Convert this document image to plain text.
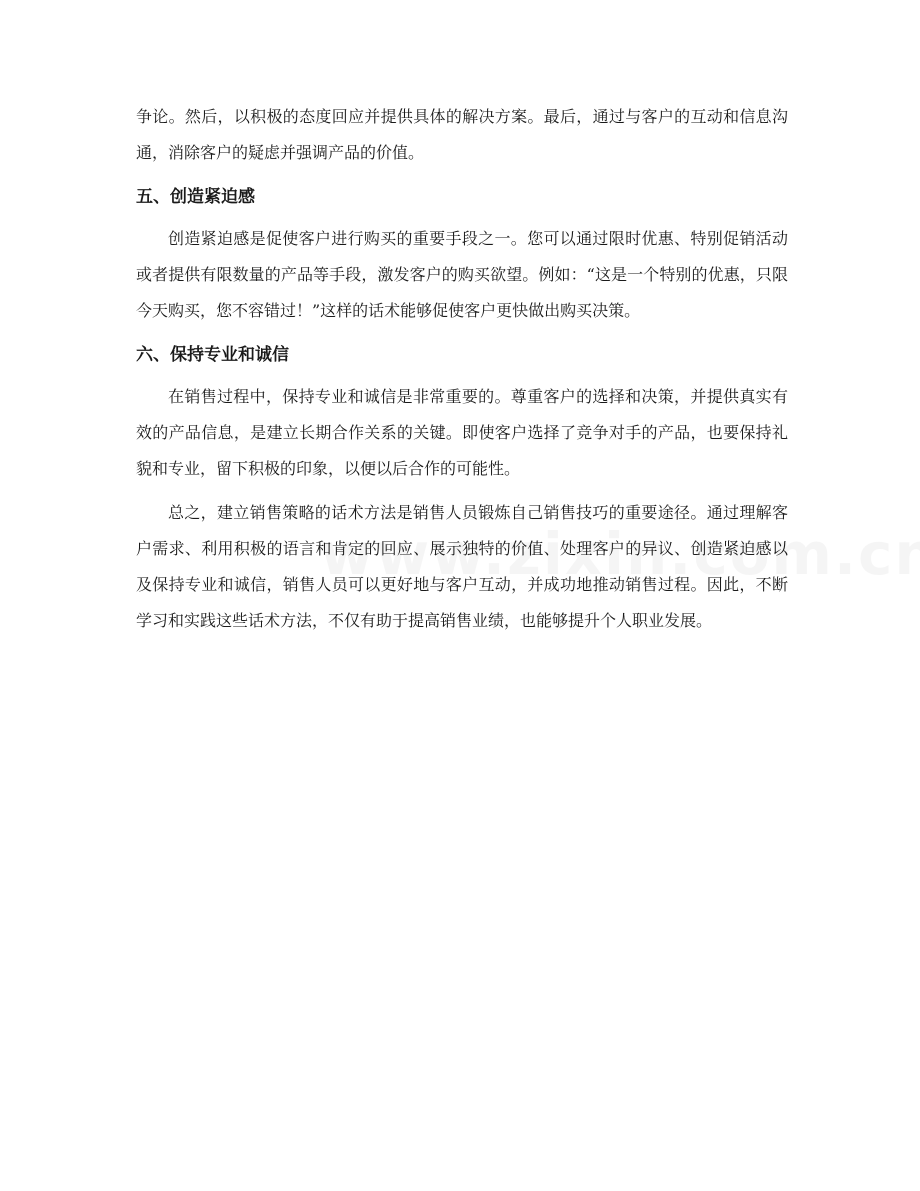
争论。然后，以积极的态度回应并提供具体的解决方案。最后，通过与客户的互动和信息沟通，消除客户的疑虑并强调产品的价值。

五、创造紧迫感

创造紧迫感是促使客户进行购买的重要手段之一。您可以通过限时优惠、特别促销活动或者提供有限数量的产品等手段，激发客户的购买欲望。例如：“这是一个特别的优惠，只限今天购买，您不容错过！”这样的话术能够促使客户更快做出购买决策。

六、保持专业和诚信

在销售过程中，保持专业和诚信是非常重要的。尊重客户的选择和决策，并提供真实有效的产品信息，是建立长期合作关系的关键。即使客户选择了竞争对手的产品，也要保持礼貌和专业，留下积极的印象，以便以后合作的可能性。

总之，建立销售策略的话术方法是销售人员锻炼自己销售技巧的重要途径。通过理解客户需求、利用积极的语言和肯定的回应、展示独特的价值、处理客户的异议、创造紧迫感以及保持专业和诚信，销售人员可以更好地与客户互动，并成功地推动销售过程。因此，不断学习和实践这些话术方法，不仅有助于提高销售业绩，也能够提升个人职业发展。
